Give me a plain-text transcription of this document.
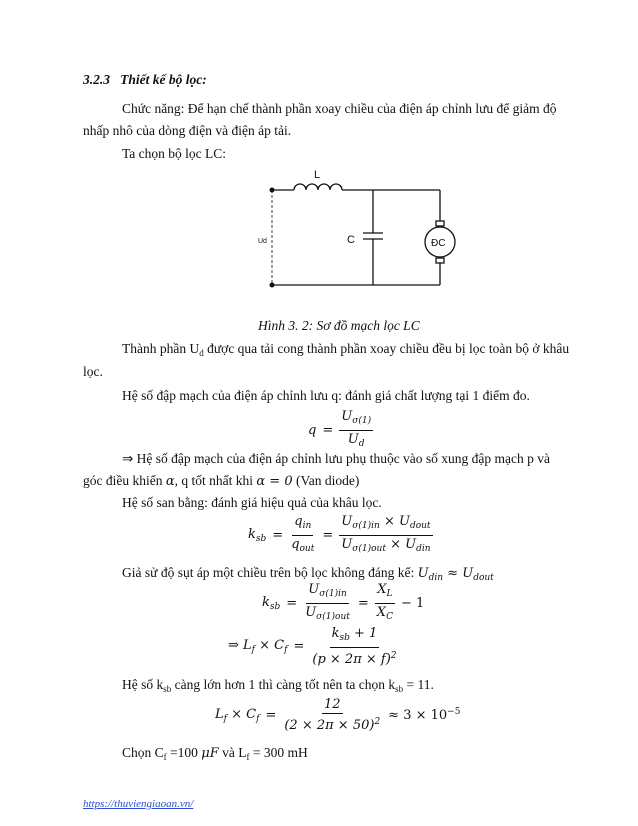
3.2.3 Thiết kế bộ lọc:
Chức năng: Để hạn chế thành phần xoay chiều của điện áp chỉnh lưu để giảm độ
nhấp nhô của dòng điện và điện áp tải.
Ta chọn bộ lọc LC:
L
C
Ud	ĐC
Hình 3. 2: Sơ đồ mạch lọc LC
Thành phần $U_d$ được qua tải cong thành phần xoay chiều đều bị lọc toàn bộ ở khâu
lọc.
Hệ số đập mạch của điện áp chỉnh lưu q: đánh giá chất lượng tại 1 điểm đo.
$q = \frac{U_{\sigma(1)}}{U_d}$
⇒ Hệ số đập mạch của điện áp chỉnh lưu phụ thuộc vào số xung đập mạch p và
góc điều khiển α, q tốt nhất khi α = 0 (Van diode)
Hệ số san bằng: đánh giá hiệu quả của khâu lọc.
$k_{sb} = \frac{q_{in}}{q_{out}} = \frac{U_{\sigma(1)in} \times U_{dout}}{U_{\sigma(1)out} \times U_{din}}$
Giả sử độ sụt áp một chiều trên bộ lọc không đáng kể: $U_{din} \approx U_{dout}$
$k_{sb} = \frac{U_{\sigma(1)in}}{U_{\sigma(1)out}} = \frac{X_L}{X_C} - 1$
⇒ $L_f \times C_f = \frac{k_{sb} + 1}{(p \times 2\pi \times f)^2}$
Hệ số $k_{sb}$ càng lớn hơn 1 thì càng tốt nên ta chọn $k_{sb} = 11$.
$L_f \times C_f = \frac{12}{(2 \times 2\pi \times 50)^2} \approx 3 \times 10^{-5}$
Chọn $C_f =100$ μF và $L_f = 300$ mH
https://thuviengiaoan.vn/
